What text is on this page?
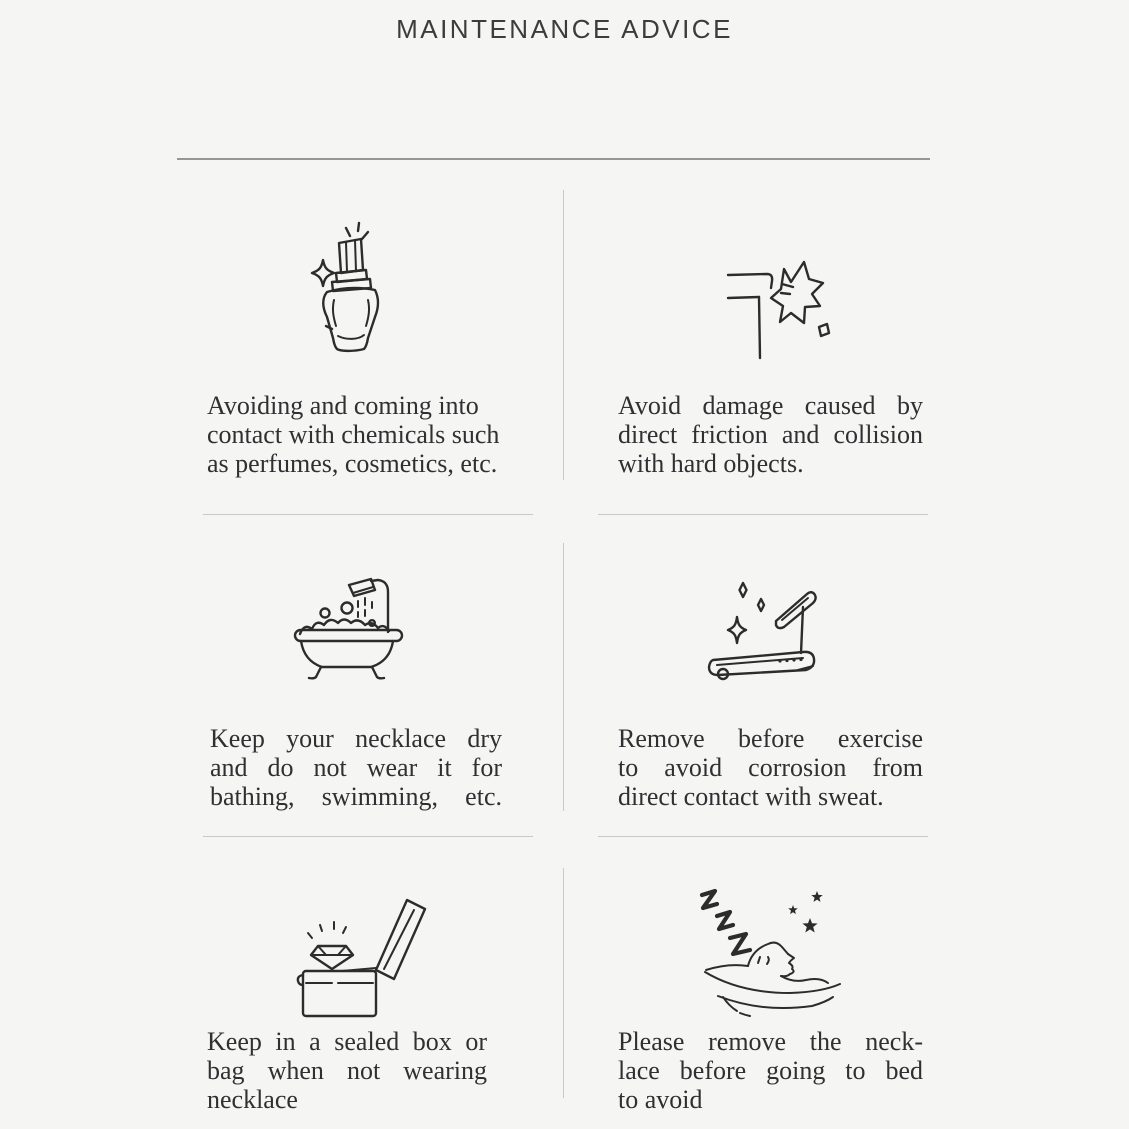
MAINTENANCE ADVICE
Avoiding and coming into
contact with chemicals such
as perfumes, cosmetics, etc.
Avoid damage caused by
direct friction and collision
with hard objects.
Keep your necklace dry
and do not wear it for
bathing, swimming, etc.
Remove before exercise
to avoid corrosion from
direct contact with sweat.
Keep in a sealed box or
bag when not wearing
necklace
Please remove the neck-
lace before going to bed
to avoid
